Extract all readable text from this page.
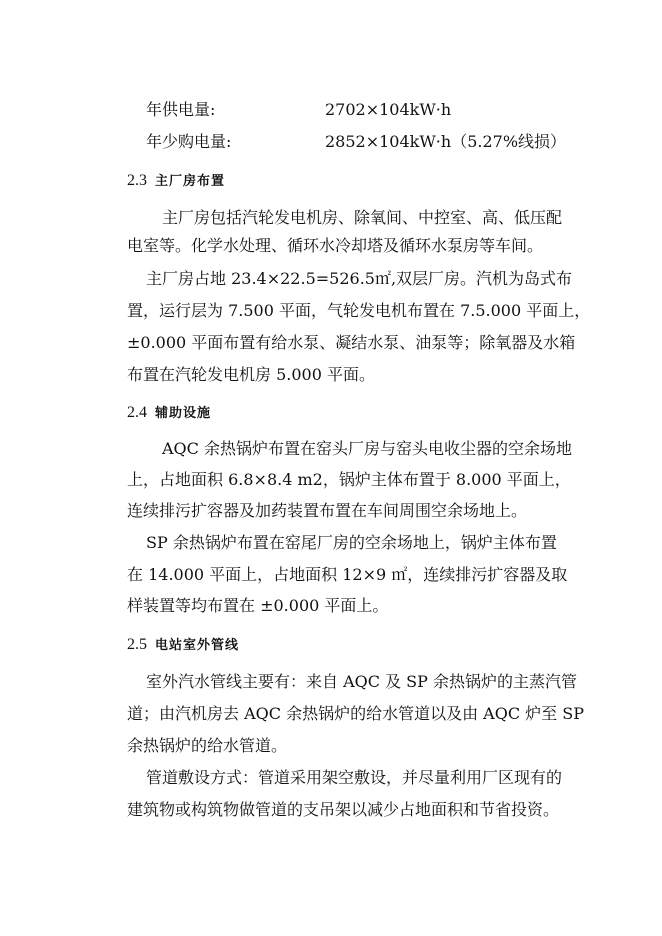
年供电量:	2702×104kW·h
年少购电量:	2852×104kW·h（5.27%线损）
2.3 主厂房布置
主厂房包括汽轮发电机房、除氧间、中控室、高、低压配
电室等。化学水处理、循环水冷却塔及循环水泵房等车间。
主厂房占地 23.4×22.5=526.5㎡,双层厂房。汽机为岛式布
置，运行层为 7.500 平面，气轮发电机布置在 7.5.000 平面上，
±0.000 平面布置有给水泵、凝结水泵、油泵等；除氧器及水箱
布置在汽轮发电机房 5.000 平面。
2.4 辅助设施
AQC 余热锅炉布置在窑头厂房与窑头电收尘器的空余场地
上，占地面积 6.8×8.4 m2，锅炉主体布置于 8.000 平面上，
连续排污扩容器及加药装置布置在车间周围空余场地上。
SP 余热锅炉布置在窑尾厂房的空余场地上，锅炉主体布置
在 14.000 平面上，占地面积 12×9 ㎡，连续排污扩容器及取
样装置等均布置在 ±0.000 平面上。
2.5 电站室外管线
室外汽水管线主要有：来自 AQC 及 SP 余热锅炉的主蒸汽管
道；由汽机房去 AQC 余热锅炉的给水管道以及由 AQC 炉至 SP
余热锅炉的给水管道。
管道敷设方式：管道采用架空敷设，并尽量利用厂区现有的
建筑物或构筑物做管道的支吊架以减少占地面积和节省投资。
